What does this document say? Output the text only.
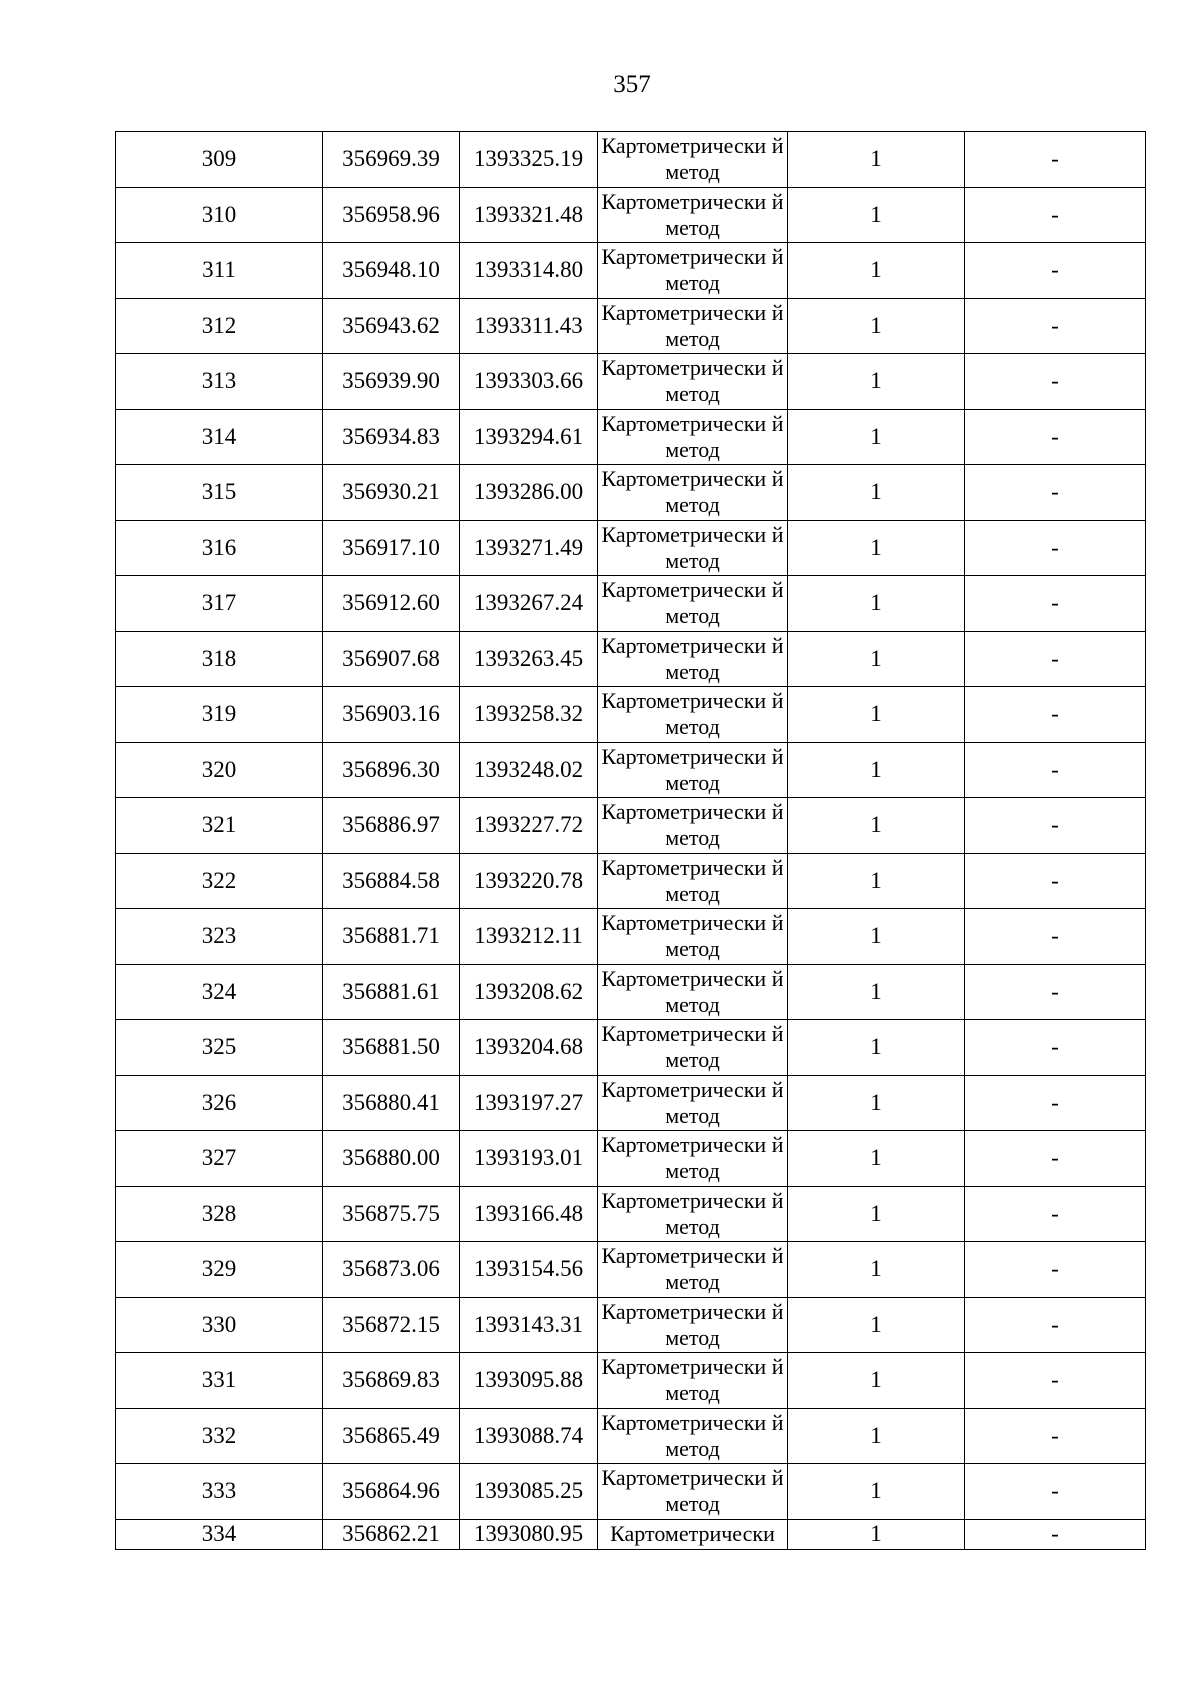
357
309	356969.39	1393325.19	Картометрически й метод	1	-
310	356958.96	1393321.48	Картометрически й метод	1	-
311	356948.10	1393314.80	Картометрически й метод	1	-
312	356943.62	1393311.43	Картометрически й метод	1	-
313	356939.90	1393303.66	Картометрически й метод	1	-
314	356934.83	1393294.61	Картометрически й метод	1	-
315	356930.21	1393286.00	Картометрически й метод	1	-
316	356917.10	1393271.49	Картометрически й метод	1	-
317	356912.60	1393267.24	Картометрически й метод	1	-
318	356907.68	1393263.45	Картометрически й метод	1	-
319	356903.16	1393258.32	Картометрически й метод	1	-
320	356896.30	1393248.02	Картометрически й метод	1	-
321	356886.97	1393227.72	Картометрически й метод	1	-
322	356884.58	1393220.78	Картометрически й метод	1	-
323	356881.71	1393212.11	Картометрически й метод	1	-
324	356881.61	1393208.62	Картометрически й метод	1	-
325	356881.50	1393204.68	Картометрически й метод	1	-
326	356880.41	1393197.27	Картометрически й метод	1	-
327	356880.00	1393193.01	Картометрически й метод	1	-
328	356875.75	1393166.48	Картометрически й метод	1	-
329	356873.06	1393154.56	Картометрически й метод	1	-
330	356872.15	1393143.31	Картометрически й метод	1	-
331	356869.83	1393095.88	Картометрически й метод	1	-
332	356865.49	1393088.74	Картометрически й метод	1	-
333	356864.96	1393085.25	Картометрически й метод	1	-
334	356862.21	1393080.95	Картометрически	1	-
